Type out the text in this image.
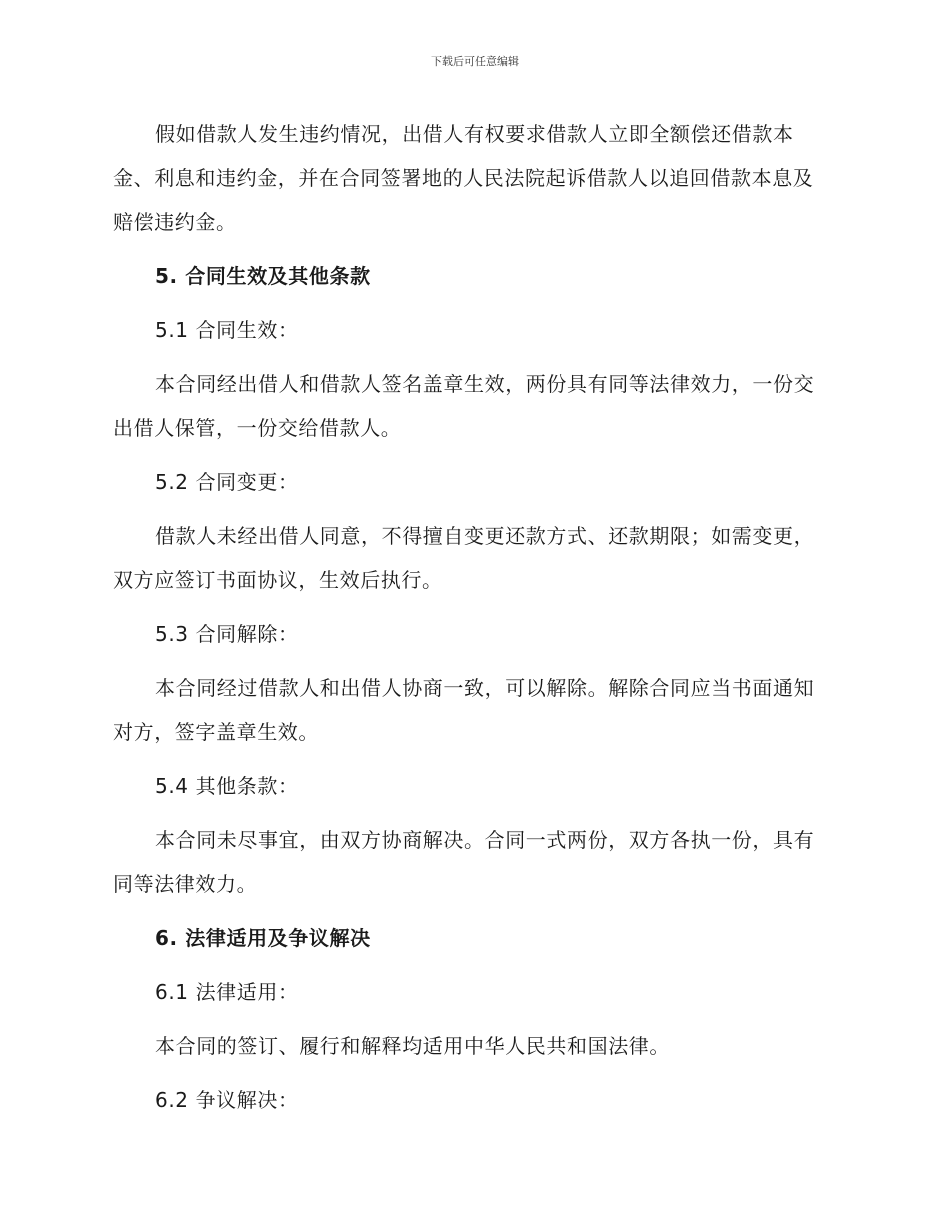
下载后可任意编辑

假如借款人发生违约情况，出借人有权要求借款人立即全额偿还借款本金、利息和违约金，并在合同签署地的人民法院起诉借款人以追回借款本息及赔偿违约金。

5. 合同生效及其他条款

5.1 合同生效：

本合同经出借人和借款人签名盖章生效，两份具有同等法律效力，一份交出借人保管，一份交给借款人。

5.2 合同变更：

借款人未经出借人同意，不得擅自变更还款方式、还款期限；如需变更，双方应签订书面协议，生效后执行。

5.3 合同解除：

本合同经过借款人和出借人协商一致，可以解除。解除合同应当书面通知对方，签字盖章生效。

5.4 其他条款：

本合同未尽事宜，由双方协商解决。合同一式两份，双方各执一份，具有同等法律效力。

6. 法律适用及争议解决

6.1 法律适用：

本合同的签订、履行和解释均适用中华人民共和国法律。

6.2 争议解决：
